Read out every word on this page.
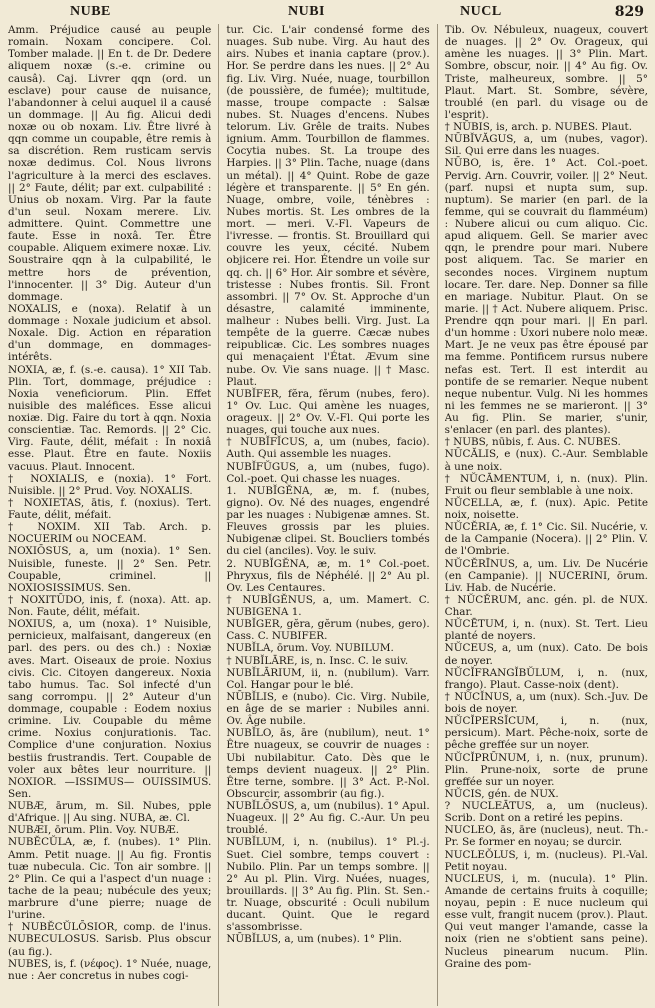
NUBE	NUBI	NUCL	829

Amm. Préjudice causé au peuple romain. Noxam concipere. Col. Tomber malade. || En t. de Dr. Dedere aliquem noxæ (s.-e. crimine ou causâ). Caj. Livrer qqn (ord. un esclave) pour cause de nuisance, l'abandonner à celui auquel il a causé un dommage. || Au fig. Alicui dedi noxæ ou ob noxam. Liv. Être livré à qqn comme un coupable, être remis à sa discrétion. Rem rusticam servis noxæ dedimus. Col. Nous livrons l'agriculture à la merci des esclaves. || 2° Faute, délit; par ext. culpabilité : Unius ob noxam. Virg. Par la faute d'un seul. Noxam merere. Liv. admittere. Quint. Commettre une faute. Esse in noxâ. Ter. Être coupable. Aliquem eximere noxæ. Liv. Soustraire qqn à la culpabilité, le mettre hors de prévention, l'innocenter. || 3° Dig. Auteur d'un dommage.

NOXALIS, e (noxa). Relatif à un dommage : Noxale judicium et absol. Noxale. Dig. Action en réparation d'un dommage, en dommages-intérêts.

NOXIA, æ, f. (s.-e. causa). 1° XII Tab. Plin. Tort, dommage, préjudice : Noxia veneficiorum. Plin. Effet nuisible des maléfices. Esse alicui noxiæ. Dig. Faire du tort à qqn. Noxia conscientiæ. Tac. Remords. || 2° Cic. Virg. Faute, délit, méfait : In noxiâ esse. Plaut. Être en faute. Noxiis vacuus. Plaut. Innocent.

† NOXIALIS, e (noxia). 1° Fort. Nuisible. || 2° Prud. Voy. NOXALIS.

† NOXIETAS, ātis, f. (noxius). Tert. Faute, délit, méfait.

† NOXIM. XII Tab. Arch. p. NOCUERIM ou NOCEAM.

NOXIŌSUS, a, um (noxia). 1° Sen. Nuisible, funeste. || 2° Sen. Petr. Coupable, criminel. || NOXIOSISSIMUS. Sen.

† NOXITŪDO, inis, f. (noxa). Att. ap. Non. Faute, délit, méfait.

NOXIUS, a, um (noxa). 1° Nuisible, pernicieux, malfaisant, dangereux (en parl. des pers. ou des ch.) : Noxiæ aves. Mart. Oiseaux de proie. Noxius civis. Cic. Citoyen dangereux. Noxia tabo humus. Tac. Sol infecté d'un sang corrompu. || 2° Auteur d'un dommage, coupable : Eodem noxius crimine. Liv. Coupable du même crime. Noxius conjurationis. Tac. Complice d'une conjuration. Noxius bestiis frustrandis. Tert. Coupable de voler aux bêtes leur nourriture. || NOXIOR. —ISSIMUS— OUISSIMUS. Sen.

NUBÆ, ārum, m. Sil. Nubes, pple d'Afrique. || Au sing. NUBA, æ. Cl.

NUBÆI, ōrum. Plin. Voy. NUBÆ.

NUBĔCŬLA, æ, f. (nubes). 1° Plin. Amm. Petit nuage. || Au fig. Frontis tuæ nubecula. Cic. Ton air sombre. || 2° Plin. Ce qui a l'aspect d'un nuage : tache de la peau; nubécule des yeux; marbrure d'une pierre; nuage de l'urine.

† NUBĔCŬLŌSIOR, comp. de l'inus. NUBECULOSUS. Sarisb. Plus obscur (au fig.).

NUBES, is, f. (νέφος). 1° Nuée, nuage, nue : Aer concretus in nubes cogi-

tur. Cic. L'air condensé forme des nuages. Sub nube. Virg. Au haut des airs. Nubes et inania captare (prov.). Hor. Se perdre dans les nues. || 2° Au fig. Liv. Virg. Nuée, nuage, tourbillon (de poussière, de fumée); multitude, masse, troupe compacte : Salsæ nubes. St. Nuages d'encens. Nubes telorum. Liv. Grêle de traits. Nubes ignium. Amm. Tourbillon de flammes. Cocytia nubes. St. La troupe des Harpies. || 3° Plin. Tache, nuage (dans un métal). || 4° Quint. Robe de gaze légère et transparente. || 5° En gén. Nuage, ombre, voile, ténèbres : Nubes mortis. St. Les ombres de la mort. — meri. V.-Fl. Vapeurs de l'ivresse. — frontis. St. Brouillard qui couvre les yeux, cécité. Nubem objicere rei. Hor. Étendre un voile sur qq. ch. || 6° Hor. Air sombre et sévère, tristesse : Nubes frontis. Sil. Front assombri. || 7° Ov. St. Approche d'un désastre, calamité imminente, malheur : Nubes belli. Virg. Just. La tempête de la guerre. Cæcæ nubes reipublicæ. Cic. Les sombres nuages qui menaçaient l'État. Ævum sine nube. Ov. Vie sans nuage. || † Masc. Plaut.

NUBĬFER, fĕra, fĕrum (nubes, fero). 1° Ov. Luc. Qui amène les nuages, orageux. || 2° Ov. V.-Fl. Qui porte les nuages, qui touche aux nues.

† NUBĬFĬCUS, a, um (nubes, facio). Auth. Qui assemble les nuages.

NUBĬFŬGUS, a, um (nubes, fugo). Col.-poet. Qui chasse les nuages.

1. NUBĬGĔNA, æ, m. f. (nubes, gigno). Ov. Né des nuages, engendré par les nuages : Nubigenæ amnes. St. Fleuves grossis par les pluies. Nubigenæ clipei. St. Boucliers tombés du ciel (anciles). Voy. le suiv.

2. NUBĬGĔNA, æ, m. 1° Col.-poet. Phryxus, fils de Néphélé. || 2° Au pl. Ov. Les Centaures.

† NUBĬGĔNUS, a, um. Mamert. C. NUBIGENA 1.

NUBĬGER, gĕra, gĕrum (nubes, gero). Cass. C. NUBIFER.

NUBĬLA, ōrum. Voy. NUBILUM.

† NUBĬLĀRE, is, n. Insc. C. le suiv.

NUBĬLĀRIUM, ii, n. (nubilum). Varr. Col. Hangar pour le blé.

NŪBĬLIS, e (nubo). Cic. Virg. Nubile, en âge de se marier : Nubiles anni. Ov. Âge nubile.

NUBĬLO, ās, āre (nubilum), neut. 1° Être nuageux, se couvrir de nuages : Ubi nubilabitur. Cato. Dès que le temps devient nuageux. || 2° Plin. Être terne, sombre. || 3° Act. P.-Nol. Obscurcir, assombrir (au fig.).

NUBĬLŌSUS, a, um (nubilus). 1° Apul. Nuageux. || 2° Au fig. C.-Aur. Un peu troublé.

NUBĬLUM, i, n. (nubilus). 1° Pl.-j. Suet. Ciel sombre, temps couvert : Nubilo. Plin. Par un temps sombre. || 2° Au pl. Plin. Virg. Nuées, nuages, brouillards. || 3° Au fig. Plin. St. Sen.-tr. Nuage, obscurité : Oculi nubilum ducant. Quint. Que le regard s'assombrisse.

NŪBĬLUS, a, um (nubes). 1° Plin.

Tib. Ov. Nébuleux, nuageux, couvert de nuages. || 2° Ov. Orageux, qui amène les nuages. || 3° Plin. Mart. Sombre, obscur, noir. || 4° Au fig. Ov. Triste, malheureux, sombre. || 5° Plaut. Mart. St. Sombre, sévère, troublé (en parl. du visage ou de l'esprit).

† NŪBIS, is, arch. p. NUBES. Plaut.

NŪBĬVĂGUS, a, um (nubes, vagor). Sil. Qui erre dans les nuages.

NŪBO, is, ĕre. 1° Act. Col.-poet. Pervig. Arn. Couvrir, voiler. || 2° Neut. (parf. nupsi et nupta sum, sup. nuptum). Se marier (en parl. de la femme, qui se couvrait du flamméum) : Nubere alicui ou cum aliquo. Cic. apud aliquem. Gell. Se marier avec qqn, le prendre pour mari. Nubere post aliquem. Tac. Se marier en secondes noces. Virginem nuptum locare. Ter. dare. Nep. Donner sa fille en mariage. Nubitur. Plaut. On se marie. || † Act. Nubere aliquem. Prisc. Prendre qqn pour mari. || En parl. d'un homme : Uxori nubere nolo meæ. Mart. Je ne veux pas être épousé par ma femme. Pontificem rursus nubere nefas est. Tert. Il est interdit au pontife de se remarier. Neque nubent neque nubentur. Vulg. Ni les hommes ni les femmes ne se marieront. || 3° Au fig. Plin. Se marier, s'unir, s'enlacer (en parl. des plantes).

† NUBS, nūbis, f. Aus. C. NUBES.

NŪCĂLIS, e (nux). C.-Aur. Semblable à une noix.

† NŬCĀMENTUM, i, n. (nux). Plin. Fruit ou fleur semblable à une noix.

NŬCELLA, æ, f. (nux). Apic. Petite noix, noisette.

NŬCĔRIA, æ, f. 1° Cic. Sil. Nucérie, v. de la Campanie (Nocera). || 2° Plin. V. de l'Ombrie.

NŬCĔRĪNUS, a, um. Liv. De Nucérie (en Campanie). || NUCERINI, ōrum. Liv. Hab. de Nucérie.

† NŬCĔRUM, anc. gén. pl. de NUX. Char.

NŬCĒTUM, i, n. (nux). St. Tert. Lieu planté de noyers.

NŬCEUS, a, um (nux). Cato. De bois de noyer.

NŬCĬFRANGĬBŬLUM, i, n. (nux, frango). Plaut. Casse-noix (dent).

† NŬCĬNUS, a, um (nux). Sch.-Juv. De bois de noyer.

NŬCĬPERSĬCUM, i, n. (nux, persicum). Mart. Pêche-noix, sorte de pêche greffée sur un noyer.

NŬCĬPRŪNUM, i, n. (nux, prunum). Plin. Prune-noix, sorte de prune greffée sur un noyer.

NŬCIS, gén. de NUX.

? NUCLEĀTUS, a, um (nucleus). Scrib. Dont on a retiré les pepins.

NUCLEO, ās, āre (nucleus), neut. Th.-Pr. Se former en noyau; se durcir.

NUCLEŎLUS, i, m. (nucleus). Pl.-Val. Petit noyau.

NUCLEUS, i, m. (nucula). 1° Plin. Amande de certains fruits à coquille; noyau, pepin : E nuce nucleum qui esse vult, frangit nucem (prov.). Plaut. Qui veut manger l'amande, casse la noix (rien ne s'obtient sans peine). Nucleus pinearum nucum. Plin. Graine des pom-
